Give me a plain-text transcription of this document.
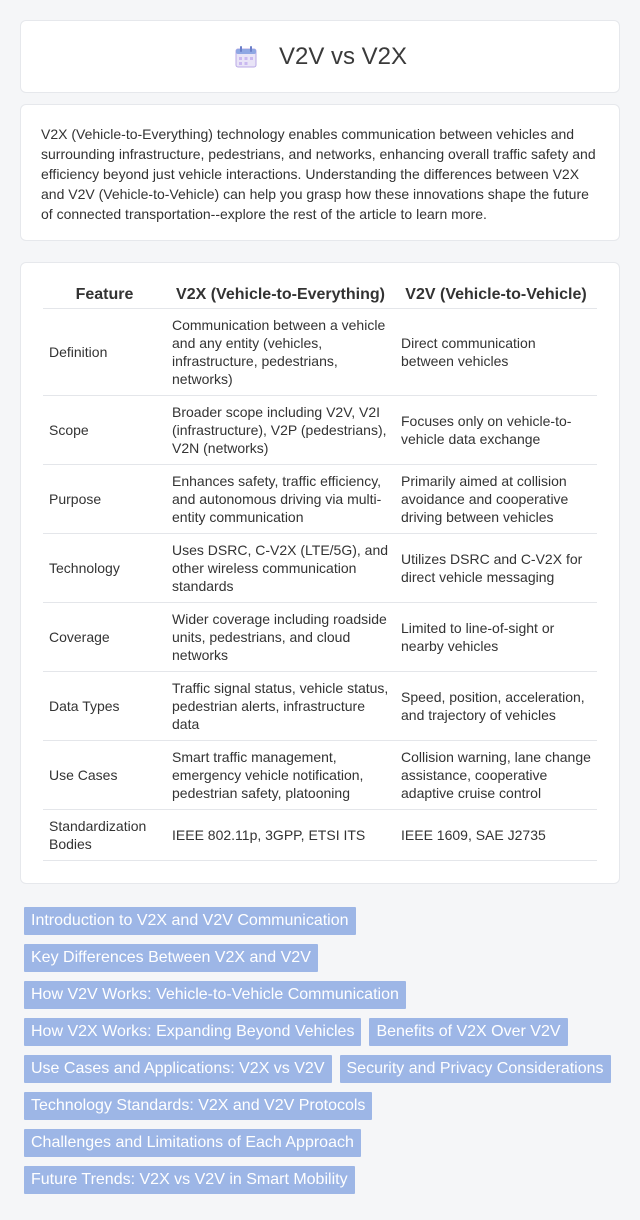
V2V vs V2X

V2X (Vehicle-to-Everything) technology enables communication between vehicles and surrounding infrastructure, pedestrians, and networks, enhancing overall traffic safety and efficiency beyond just vehicle interactions. Understanding the differences between V2X and V2V (Vehicle-to-Vehicle) can help you grasp how these innovations shape the future of connected transportation--explore the rest of the article to learn more.

Feature	V2X (Vehicle-to-Everything)	V2V (Vehicle-to-Vehicle)
Definition	Communication between a vehicle and any entity (vehicles, infrastructure, pedestrians, networks)	Direct communication between vehicles
Scope	Broader scope including V2V, V2I (infrastructure), V2P (pedestrians), V2N (networks)	Focuses only on vehicle-to-vehicle data exchange
Purpose	Enhances safety, traffic efficiency, and autonomous driving via multi-entity communication	Primarily aimed at collision avoidance and cooperative driving between vehicles
Technology	Uses DSRC, C-V2X (LTE/5G), and other wireless communication standards	Utilizes DSRC and C-V2X for direct vehicle messaging
Coverage	Wider coverage including roadside units, pedestrians, and cloud networks	Limited to line-of-sight or nearby vehicles
Data Types	Traffic signal status, vehicle status, pedestrian alerts, infrastructure data	Speed, position, acceleration, and trajectory of vehicles
Use Cases	Smart traffic management, emergency vehicle notification, pedestrian safety, platooning	Collision warning, lane change assistance, cooperative adaptive cruise control
Standardization Bodies	IEEE 802.11p, 3GPP, ETSI ITS	IEEE 1609, SAE J2735
Introduction to V2X and V2V Communication
Key Differences Between V2X and V2V
How V2V Works: Vehicle-to-Vehicle Communication
How V2X Works: Expanding Beyond Vehicles	Benefits of V2X Over V2V
Use Cases and Applications: V2X vs V2V	Security and Privacy Considerations
Technology Standards: V2X and V2V Protocols
Challenges and Limitations of Each Approach
Future Trends: V2X vs V2V in Smart Mobility
